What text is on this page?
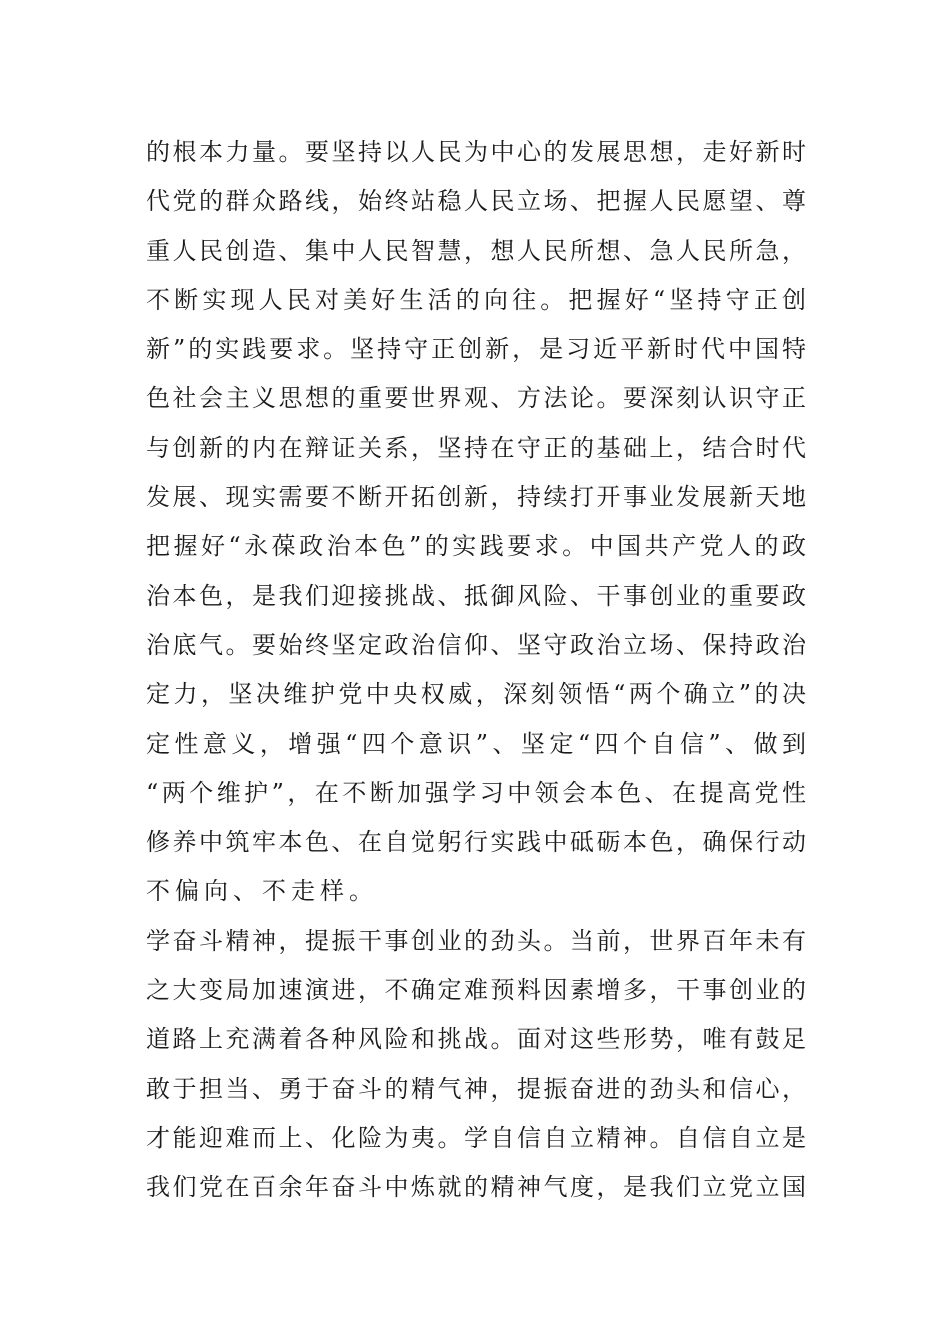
的根本力量。要坚持以人民为中心的发展思想，走好新时
代党的群众路线，始终站稳人民立场、把握人民愿望、尊
重人民创造、集中人民智慧，想人民所想、急人民所急，
不断实现人民对美好生活的向往。把握好“坚持守正创
新”的实践要求。坚持守正创新，是习近平新时代中国特
色社会主义思想的重要世界观、方法论。要深刻认识守正
与创新的内在辩证关系，坚持在守正的基础上，结合时代
发展、现实需要不断开拓创新，持续打开事业发展新天地
把握好“永葆政治本色”的实践要求。中国共产党人的政
治本色，是我们迎接挑战、抵御风险、干事创业的重要政
治底气。要始终坚定政治信仰、坚守政治立场、保持政治
定力，坚决维护党中央权威，深刻领悟“两个确立”的决
定性意义，增强“四个意识”、坚定“四个自信”、做到
“两个维护”，在不断加强学习中领会本色、在提高党性
修养中筑牢本色、在自觉躬行实践中砥砺本色，确保行动
不偏向、不走样。
学奋斗精神，提振干事创业的劲头。当前，世界百年未有
之大变局加速演进，不确定难预料因素增多，干事创业的
道路上充满着各种风险和挑战。面对这些形势，唯有鼓足
敢于担当、勇于奋斗的精气神，提振奋进的劲头和信心，
才能迎难而上、化险为夷。学自信自立精神。自信自立是
我们党在百余年奋斗中炼就的精神气度，是我们立党立国
